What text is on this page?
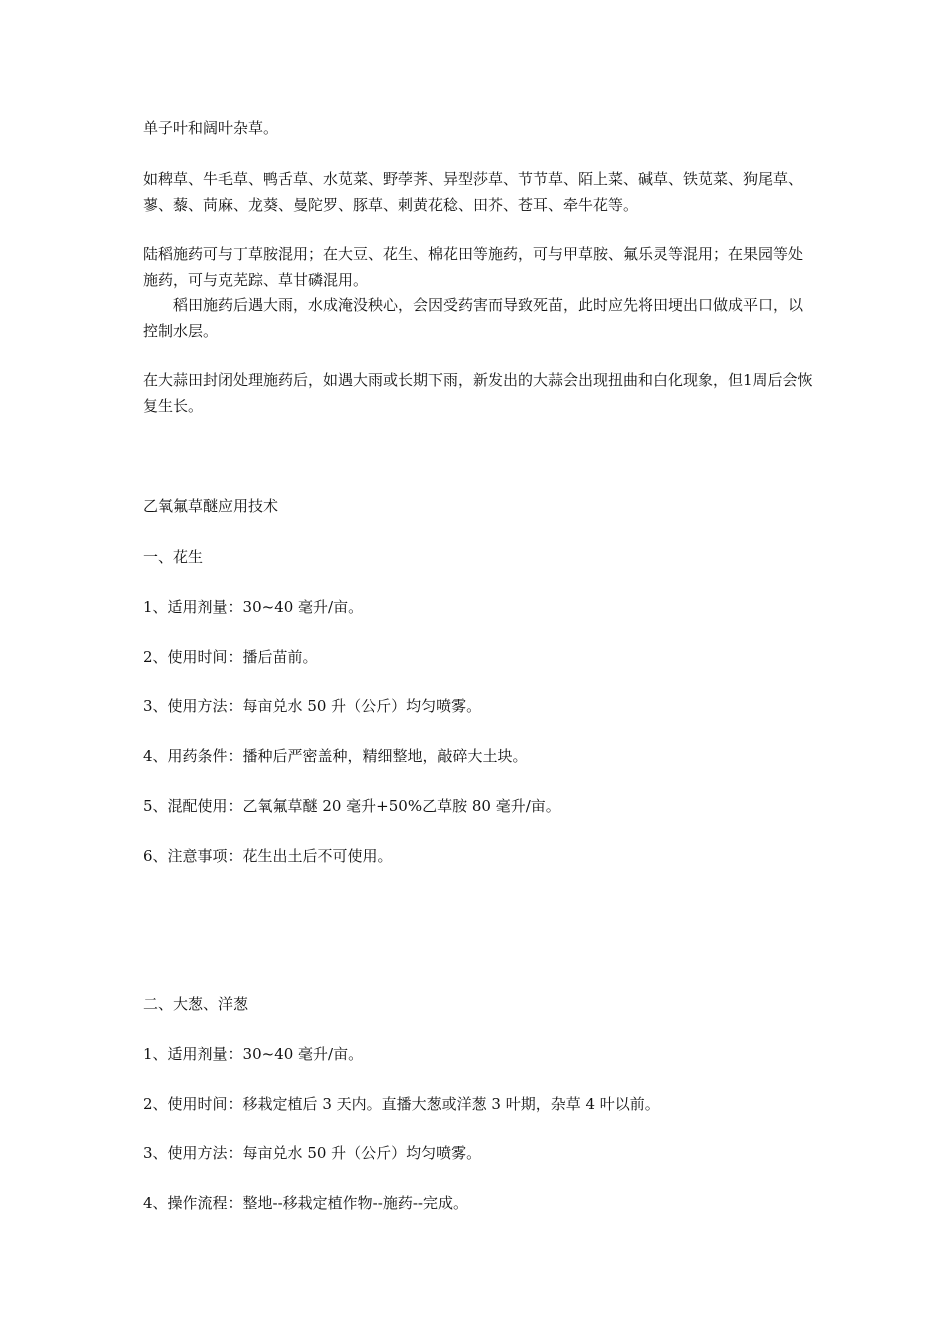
单子叶和阔叶杂草。

如稗草、牛毛草、鸭舌草、水苋菜、野荸荠、异型莎草、节节草、陌上菜、碱草、铁苋菜、狗尾草、蓼、藜、苘麻、龙葵、曼陀罗、豚草、刺黄花稔、田芥、苍耳、牵牛花等。

陆稻施药可与丁草胺混用；在大豆、花生、棉花田等施药，可与甲草胺、氟乐灵等混用；在果园等处施药，可与克芜踪、草甘磷混用。

稻田施药后遇大雨，水成淹没秧心，会因受药害而导致死苗，此时应先将田埂出口做成平口，以控制水层。

在大蒜田封闭处理施药后，如遇大雨或长期下雨，新发出的大蒜会出现扭曲和白化现象，但1周后会恢复生长。

乙氧氟草醚应用技术

一、花生

1、适用剂量：30~40 毫升/亩。

2、使用时间：播后苗前。

3、使用方法：每亩兑水 50 升（公斤）均匀喷雾。

4、用药条件：播种后严密盖种，精细整地，敲碎大土块。

5、混配使用：乙氧氟草醚 20 毫升+50%乙草胺 80 毫升/亩。

6、注意事项：花生出土后不可使用。

二、大葱、洋葱

1、适用剂量：30~40 毫升/亩。

2、使用时间：移栽定植后 3 天内。直播大葱或洋葱 3 叶期，杂草 4 叶以前。

3、使用方法：每亩兑水 50 升（公斤）均匀喷雾。

4、操作流程：整地--移栽定植作物--施药--完成。
